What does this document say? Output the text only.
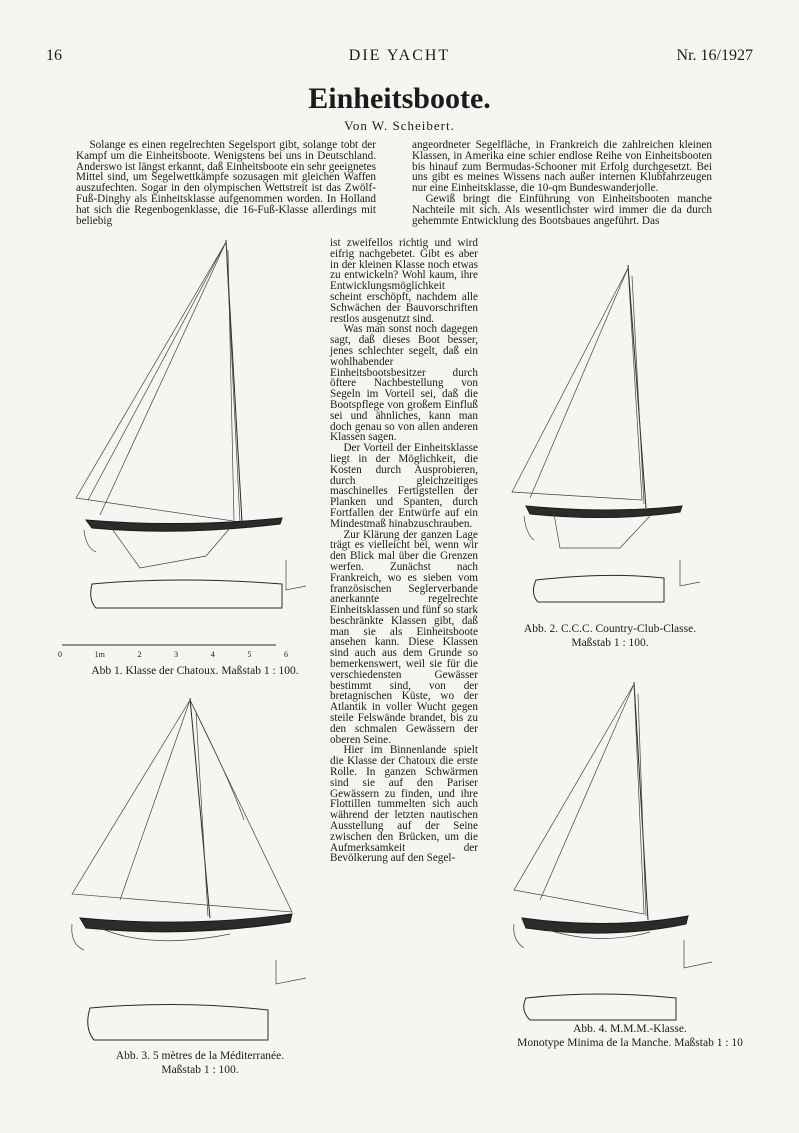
16	DIE YACHT	Nr. 16/1927
Einheitsboote.
Von W. Scheibert.

Solange es einen regelrechten Segelsport gibt, solange tobt der Kampf um die Einheitsboote. Wenigstens bei uns in Deutschland. Anderswo ist längst erkannt, daß Einheitsboote ein sehr geeignetes Mittel sind, um Segelwettkämpfe sozusagen mit gleichen Waffen auszufechten. Sogar in den olympischen Wettstreit ist das Zwölf-Fuß-Dinghy als Einheitsklasse aufgenommen worden. In Holland hat sich die Regenbogenklasse, die 16-Fuß-Klasse allerdings mit beliebig

angeordneter Segelfläche, in Frankreich die zahlreichen kleinen Klassen, in Amerika eine schier endlose Reihe von Einheitsbooten bis hinauf zum Bermudas-Schooner mit Erfolg durchgesetzt. Bei uns gibt es meines Wissens nach außer internen Klubfahrzeugen nur eine Einheitsklasse, die 10-qm Bundeswanderjolle.

Gewiß bringt die Einführung von Einheitsbooten manche Nachteile mit sich. Als wesentlichster wird immer die da durch gehemmte Entwicklung des Bootsbaues angeführt. Das

ist zweifellos richtig und wird eifrig nachgebetet. Gibt es aber in der kleinen Klasse noch etwas zu entwickeln? Wohl kaum, ihre Entwicklungsmöglichkeit scheint erschöpft, nachdem alle Schwächen der Bauvorschriften restlos ausgenutzt sind.

Was man sonst noch dagegen sagt, daß dieses Boot besser, jenes schlechter segelt, daß ein wohlhabender Einheitsbootsbesitzer durch öftere Nachbestellung von Segeln im Vorteil sei, daß die Bootspflege von großem Einfluß sei und ähnliches, kann man doch genau so von allen anderen Klassen sagen.

Der Vorteil der Einheitsklasse liegt in der Möglichkeit, die Kosten durch Ausprobieren, durch gleichzeitiges maschinelles Fertigstellen der Planken und Spanten, durch Fortfallen der Entwürfe auf ein Mindestmaß hinabzuschrauben.

Zur Klärung der ganzen Lage trägt es vielleicht bei, wenn wir den Blick mal über die Grenzen werfen. Zunächst nach Frankreich, wo es sieben vom französischen Seglerverbande anerkannte regelrechte Einheitsklassen und fünf so stark beschränkte Klassen gibt, daß man sie als Einheitsboote ansehen kann. Diese Klassen sind auch aus dem Grunde so bemerkenswert, weil sie für die verschiedensten Gewässer bestimmt sind, von der bretagnischen Küste, wo der Atlantik in voller Wucht gegen steile Felswände brandet, bis zu den schmalen Gewässern der oberen Seine.

Hier im Binnenlande spielt die Klasse der Chatoux die erste Rolle. In ganzen Schwärmen sind sie auf den Pariser Gewässern zu finden, und ihre Flottillen tummelten sich auch während der letzten nautischen Ausstellung auf der Seine zwischen den Brücken, um die Aufmerksamkeit der Bevölkerung auf den Segel-

0	1m	2	3	4	5	6
Abb 1. Klasse der Chatoux. Maßstab 1 : 100.
Abb. 2. C.C.C. Country-Club-Classe.
Maßstab 1 : 100.
Abb. 3. 5 mètres de la Méditerranée.
Maßstab 1 : 100.
Abb. 4. M.M.M.-Klasse.
Monotype Minima de la Manche. Maßstab 1 : 10
